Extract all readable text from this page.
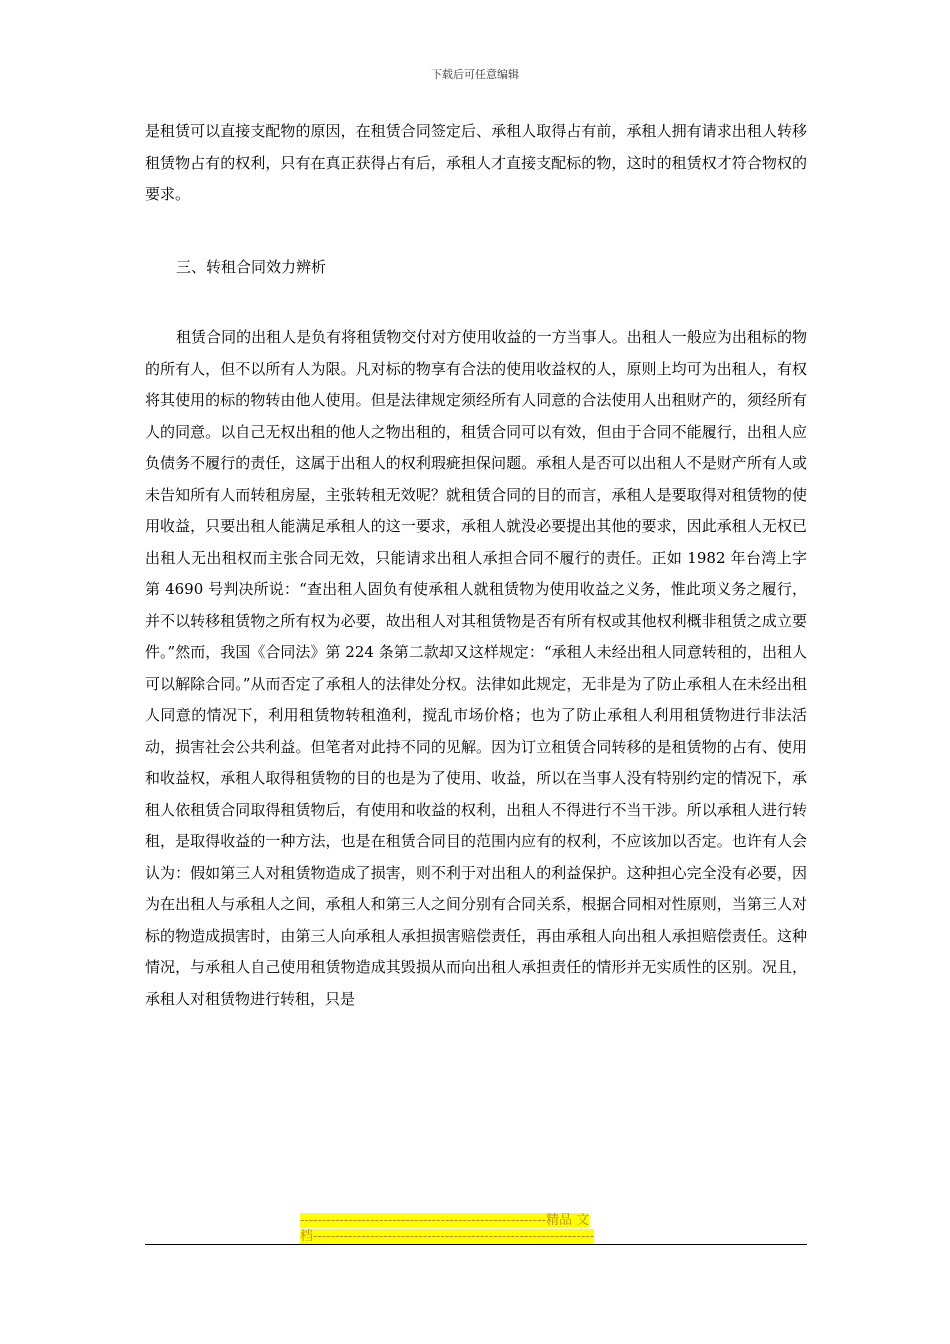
下载后可任意编辑
是租赁可以直接支配物的原因，在租赁合同签定后、承租人取得占有前，承租人拥有请求出租人转移租赁物占有的权利，只有在真正获得占有后，承租人才直接支配标的物，这时的租赁权才符合物权的要求。
三、转租合同效力辨析
租赁合同的出租人是负有将租赁物交付对方使用收益的一方当事人。出租人一般应为出租标的物的所有人，但不以所有人为限。凡对标的物享有合法的使用收益权的人，原则上均可为出租人，有权将其使用的标的物转由他人使用。但是法律规定须经所有人同意的合法使用人出租财产的，须经所有人的同意。以自己无权出租的他人之物出租的，租赁合同可以有效，但由于合同不能履行，出租人应负债务不履行的责任，这属于出租人的权利瑕疵担保问题。承租人是否可以出租人不是财产所有人或未告知所有人而转租房屋，主张转租无效呢？就租赁合同的目的而言，承租人是要取得对租赁物的使用收益，只要出租人能满足承租人的这一要求，承租人就没必要提出其他的要求，因此承租人无权已出租人无出租权而主张合同无效，只能请求出租人承担合同不履行的责任。正如 1982 年台湾上字第 4690 号判决所说：“查出租人固负有使承租人就租赁物为使用收益之义务，惟此项义务之履行，并不以转移租赁物之所有权为必要，故出租人对其租赁物是否有所有权或其他权利概非租赁之成立要件。”然而，我国《合同法》第 224 条第二款却又这样规定：“承租人未经出租人同意转租的，出租人可以解除合同。”从而否定了承租人的法律处分权。法律如此规定，无非是为了防止承租人在未经出租人同意的情况下，利用租赁物转租渔利，搅乱市场价格；也为了防止承租人利用租赁物进行非法活动，损害社会公共利益。但笔者对此持不同的见解。因为订立租赁合同转移的是租赁物的占有、使用和收益权，承租人取得租赁物的目的也是为了使用、收益，所以在当事人没有特别约定的情况下，承租人依租赁合同取得租赁物后，有使用和收益的权利，出租人不得进行不当干涉。所以承租人进行转租，是取得收益的一种方法，也是在租赁合同目的范围内应有的权利，不应该加以否定。也许有人会认为：假如第三人对租赁物造成了损害，则不利于对出租人的利益保护。这种担心完全没有必要，因为在出租人与承租人之间，承租人和第三人之间分别有合同关系，根据合同相对性原则，当第三人对标的物造成损害时，由第三人向承租人承担损害赔偿责任，再由承租人向出租人承担赔偿责任。这种情况，与承租人自己使用租赁物造成其毁损从而向出租人承担责任的情形并无实质性的区别。况且，承租人对租赁物进行转租，只是
--------------------------------------------------------精品 文
档----------------------------------------------------------------
